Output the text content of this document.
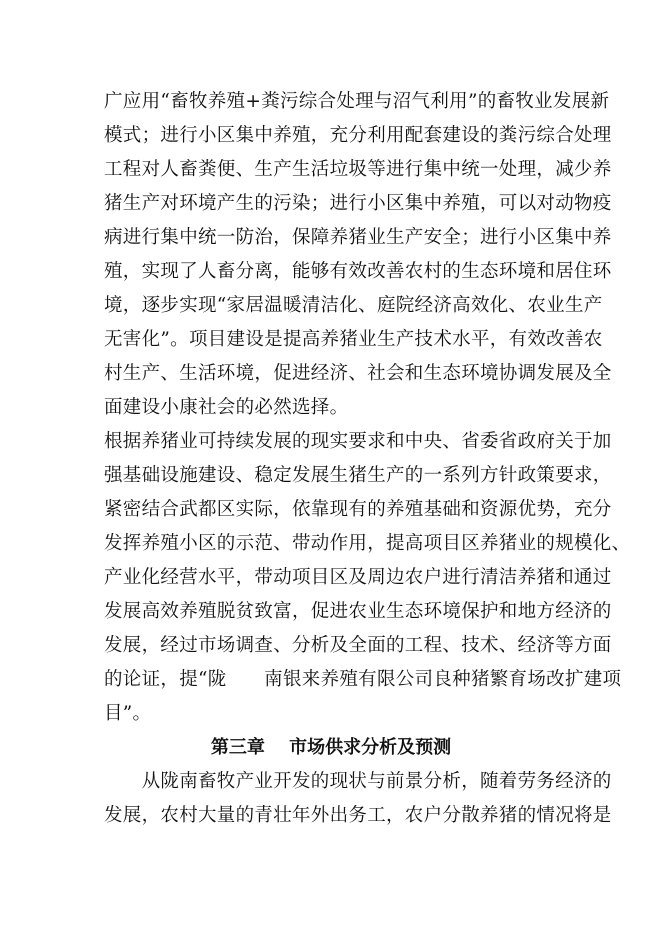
广应用“畜牧养殖+粪污综合处理与沼气利用”的畜牧业发展新
模式；进行小区集中养殖，充分利用配套建设的粪污综合处理
工程对人畜粪便、生产生活垃圾等进行集中统一处理，减少养
猪生产对环境产生的污染；进行小区集中养殖，可以对动物疫
病进行集中统一防治，保障养猪业生产安全；进行小区集中养
殖，实现了人畜分离，能够有效改善农村的生态环境和居住环
境，逐步实现“家居温暖清洁化、庭院经济高效化、农业生产
无害化”。项目建设是提高养猪业生产技术水平，有效改善农
村生产、生活环境，促进经济、社会和生态环境协调发展及全
面建设小康社会的必然选择。
根据养猪业可持续发展的现实要求和中央、省委省政府关于加
强基础设施建设、稳定发展生猪生产的一系列方针政策要求，
紧密结合武都区实际，依靠现有的养殖基础和资源优势，充分
发挥养殖小区的示范、带动作用，提高项目区养猪业的规模化、
产业化经营水平，带动项目区及周边农户进行清洁养猪和通过
发展高效养殖脱贫致富，促进农业生态环境保护和地方经济的
发展，经过市场调查、分析及全面的工程、技术、经济等方面
的论证，提“陇　　南银来养殖有限公司良种猪繁育场改扩建项
目”。
第三章　 市场供求分析及预测
　　从陇南畜牧产业开发的现状与前景分析，随着劳务经济的
发展，农村大量的青壮年外出务工，农户分散养猪的情况将是
